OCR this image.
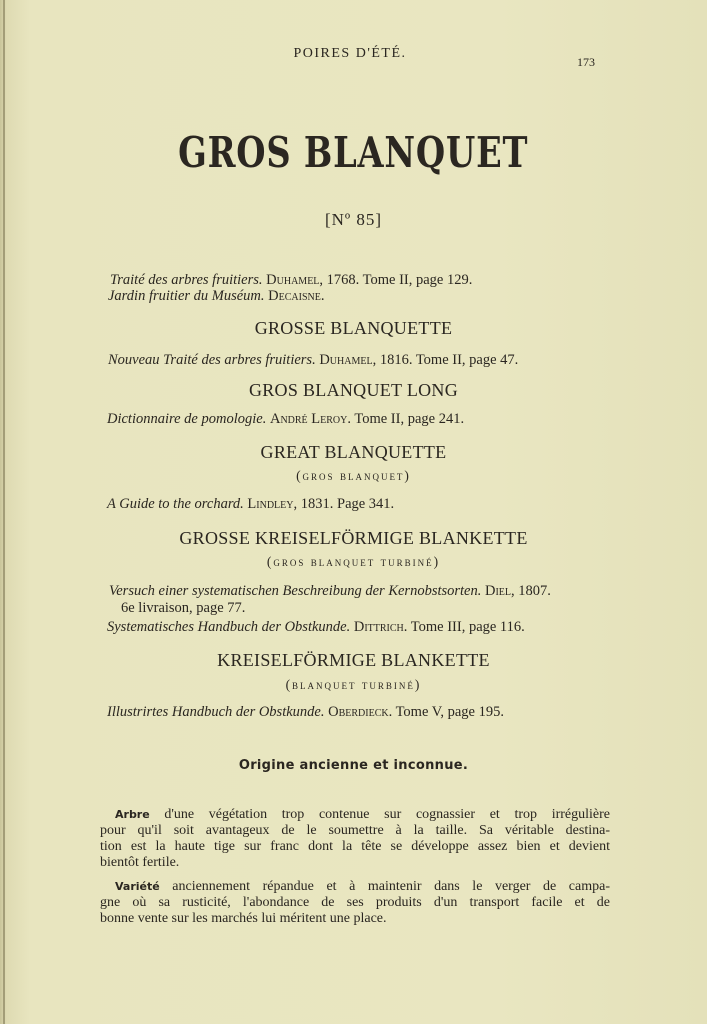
POIRES D'ÉTÉ.
173
GROS BLANQUET
[Nº 85]
Traité des arbres fruitiers. Duhamel, 1768. Tome II, page 129.
Jardin fruitier du Muséum. Decaisne.
GROSSE BLANQUETTE
Nouveau Traité des arbres fruitiers. Duhamel, 1816. Tome II, page 47.
GROS BLANQUET LONG
Dictionnaire de pomologie. André Leroy. Tome II, page 241.
GREAT BLANQUETTE
(gros blanquet)
A Guide to the orchard. Lindley, 1831. Page 341.
GROSSE KREISELFÖRMIGE BLANKETTE
(gros blanquet turbiné)
Versuch einer systematischen Beschreibung der Kernobstsorten. Diel, 1807.
6e livraison, page 77.
Systematisches Handbuch der Obstkunde. Dittrich. Tome III, page 116.
KREISELFÖRMIGE BLANKETTE
(blanquet turbiné)
Illustrirtes Handbuch der Obstkunde. Oberdieck. Tome V, page 195.
Arbre d'une végétation trop contenue sur cognassier et trop irrégulière
pour qu'il soit avantageux de le soumettre à la taille. Sa véritable destina-
tion est la haute tige sur franc dont la tête se développe assez bien et devient
bientôt fertile.
Variété anciennement répandue et à maintenir dans le verger de campa-
gne où sa rusticité, l'abondance de ses produits d'un transport facile et de
bonne vente sur les marchés lui méritent une place.
Origine ancienne et inconnue.
